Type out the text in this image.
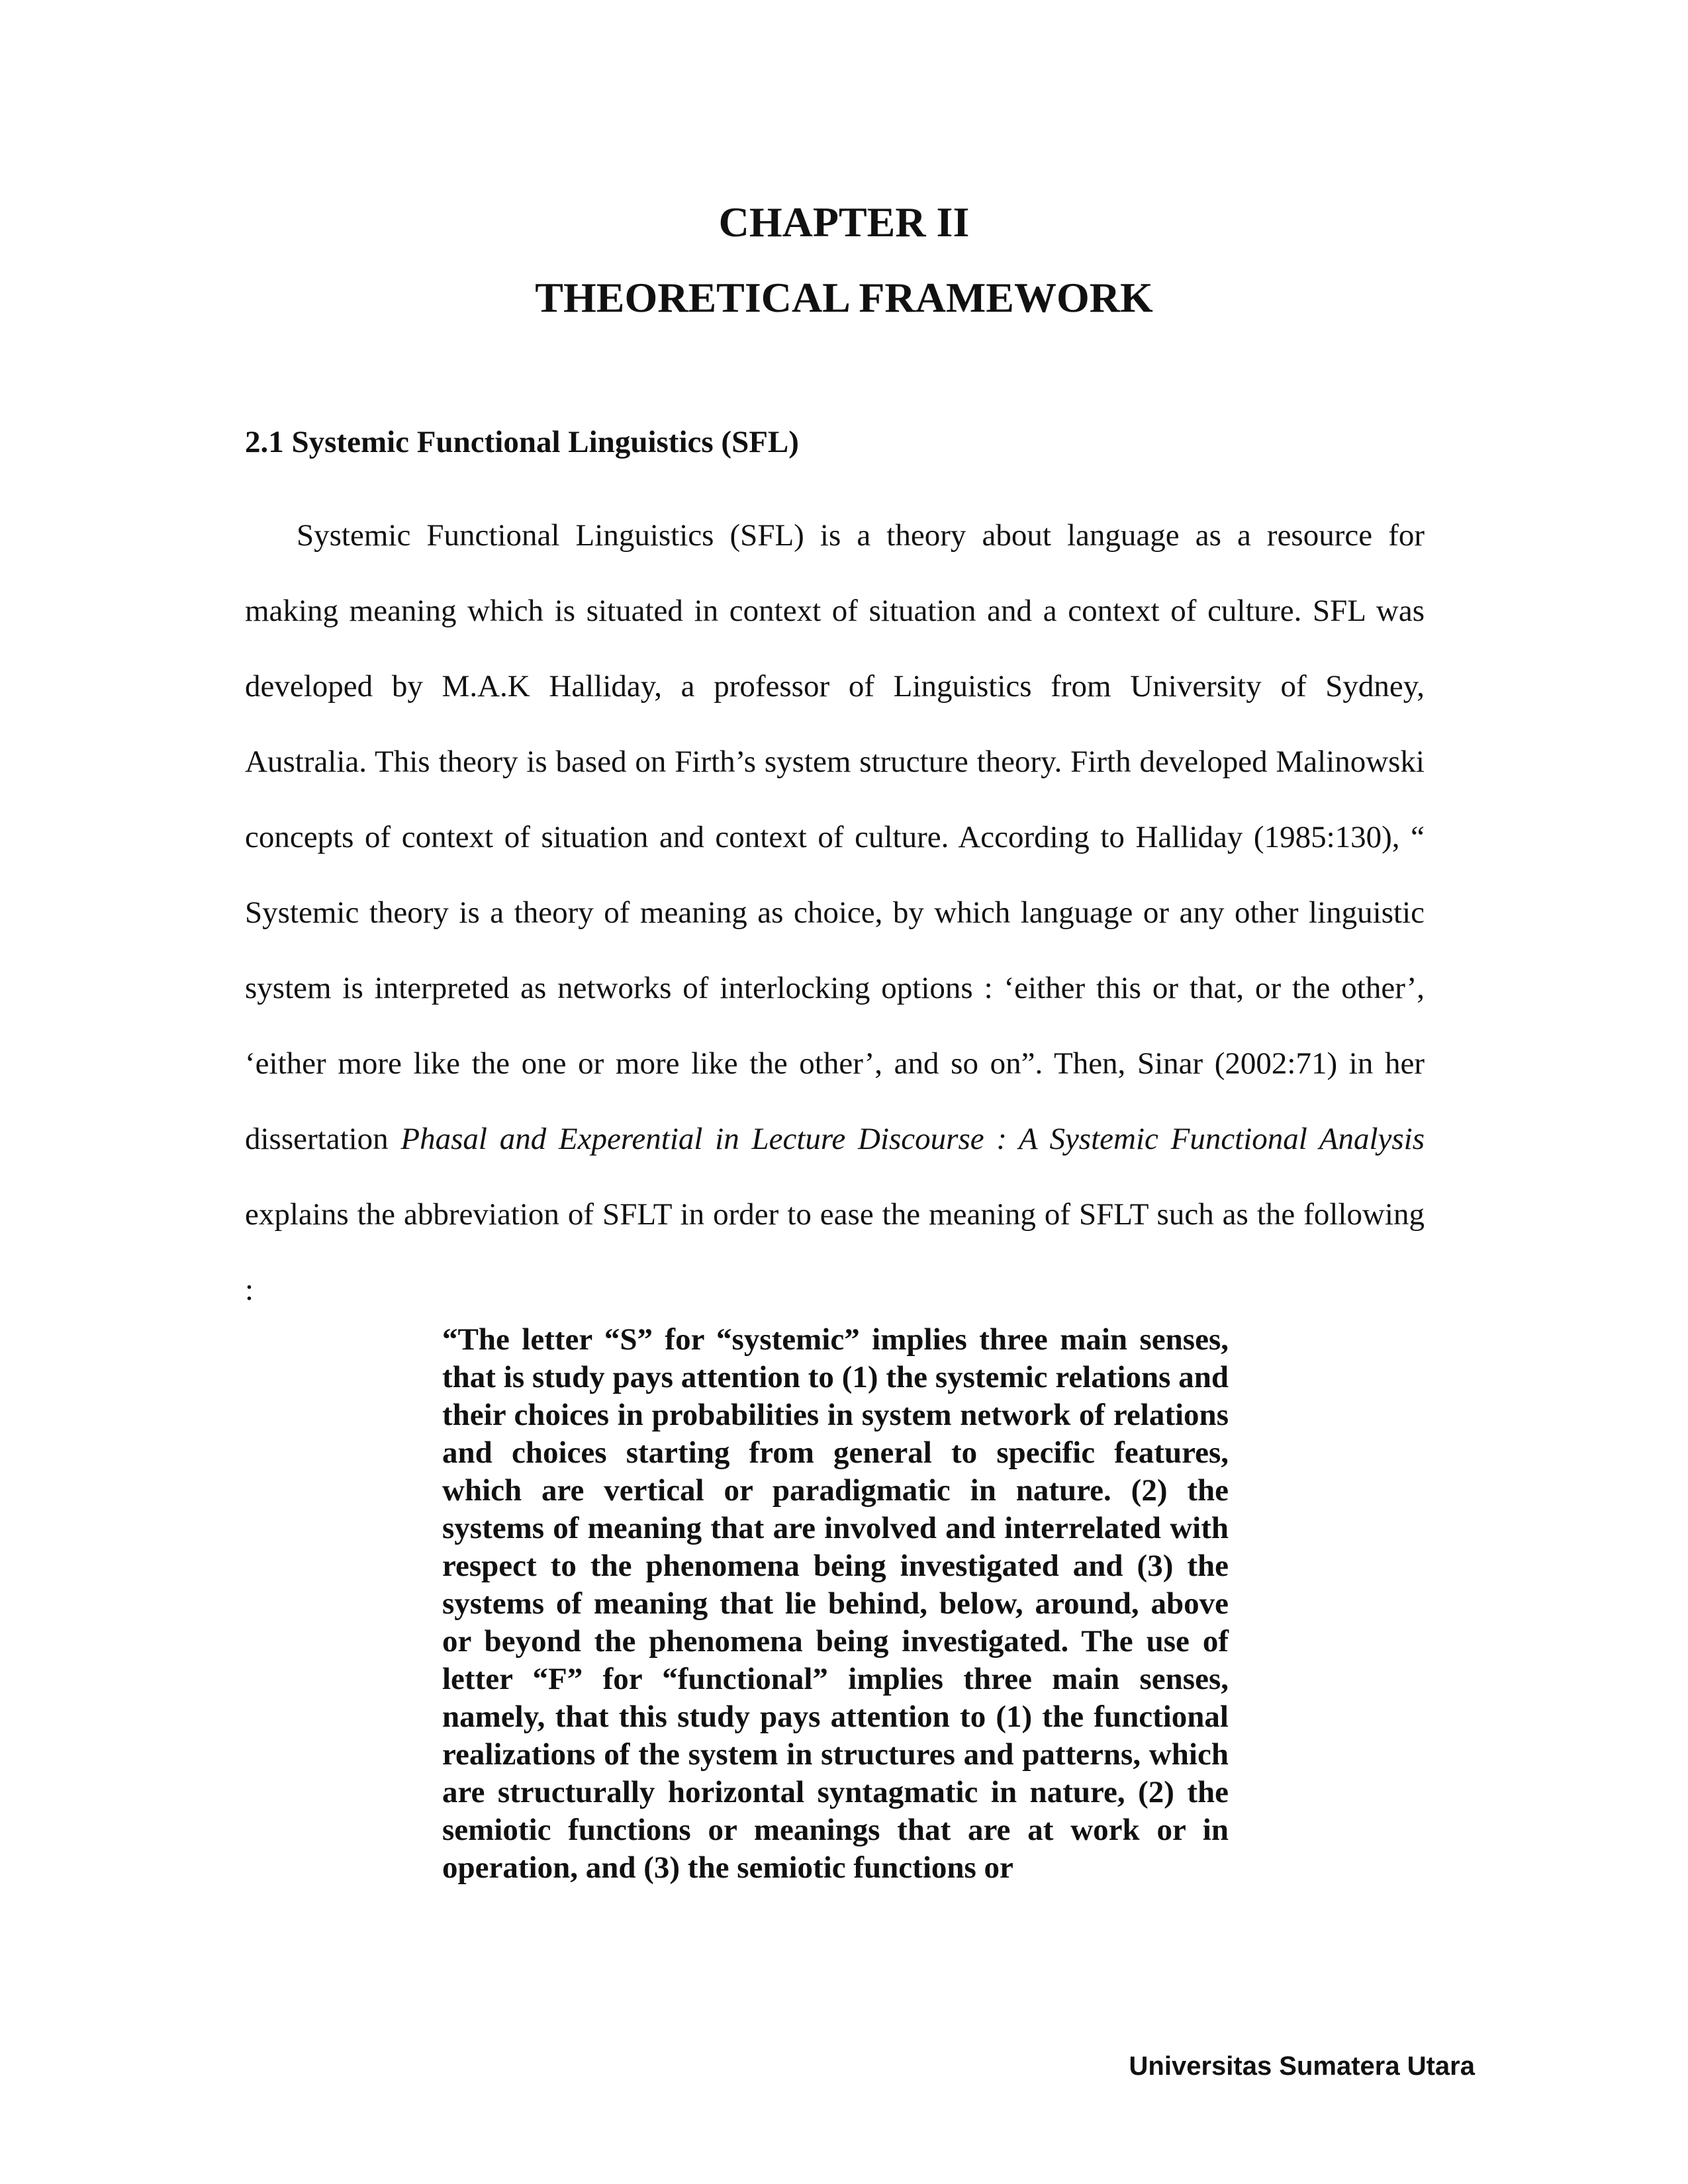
CHAPTER II
THEORETICAL FRAMEWORK
2.1 Systemic Functional Linguistics (SFL)

Systemic Functional Linguistics (SFL) is a theory about language as a resource for making meaning which is situated in context of situation and a context of culture. SFL was developed by M.A.K Halliday, a professor of Linguistics from University of Sydney, Australia. This theory is based on Firth’s system structure theory. Firth developed Malinowski concepts of context of situation and context of culture. According to Halliday (1985:130), “ Systemic theory is a theory of meaning as choice, by which language or any other linguistic system is interpreted as networks of interlocking options : ‘either this or that, or the other’, ‘either more like the one or more like the other’, and so on”. Then, Sinar (2002:71) in her dissertation Phasal and Experential in Lecture Discourse : A Systemic Functional Analysis explains the abbreviation of SFLT in order to ease the meaning of SFLT such as the following :

“The letter “S” for “systemic” implies three main senses, that is study pays attention to (1) the systemic relations and their choices in probabilities in system network of relations and choices starting from general to specific features, which are vertical or paradigmatic in nature. (2) the systems of meaning that are involved and interrelated with respect to the phenomena being investigated and (3) the systems of meaning that lie behind, below, around, above or beyond the phenomena being investigated. The use of letter “F” for “functional” implies three main senses, namely, that this study pays attention to (1) the functional realizations of the system in structures and patterns, which are structurally horizontal syntagmatic in nature, (2) the semiotic functions or meanings that are at work or in operation, and (3) the semiotic functions or

Universitas Sumatera Utara
